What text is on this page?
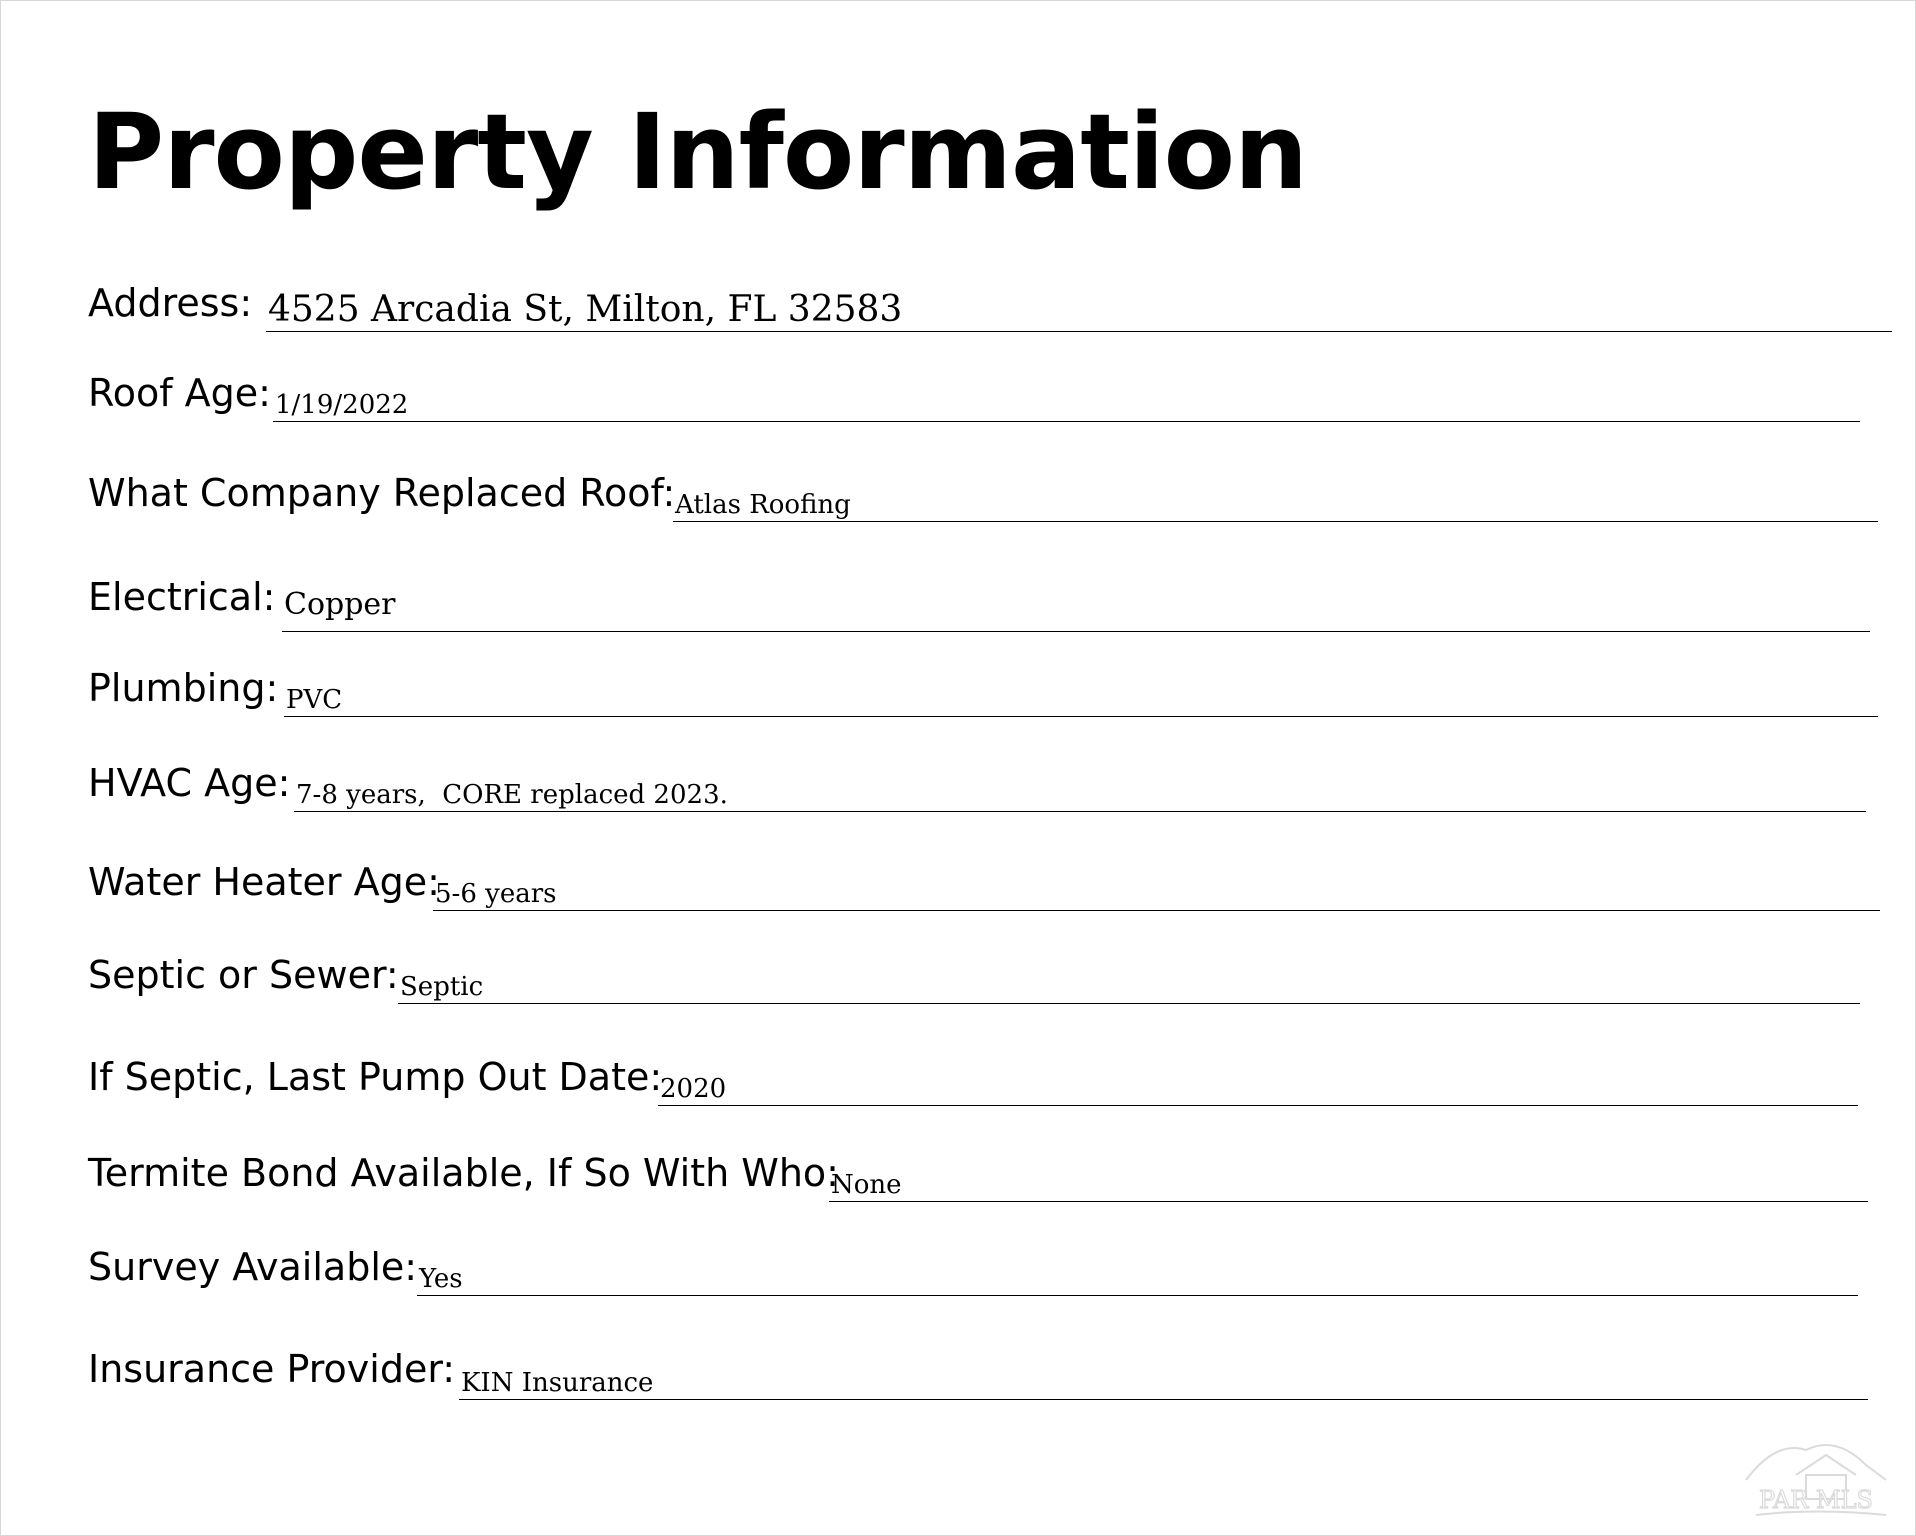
Property Information
Address: 4525 Arcadia St, Milton, FL 32583
Roof Age: 1/19/2022
What Company Replaced Roof: Atlas Roofing
Electrical: Copper
Plumbing: PVC
HVAC Age: 7-8 years,  CORE replaced 2023.
Water Heater Age:
5-6 years
Septic or Sewer: Septic
If Septic, Last Pump Out Date:
2020
Termite Bond Available, If So With Who:
None
Survey Available: Yes
Insurance Provider: KIN Insurance
PAR MLS
